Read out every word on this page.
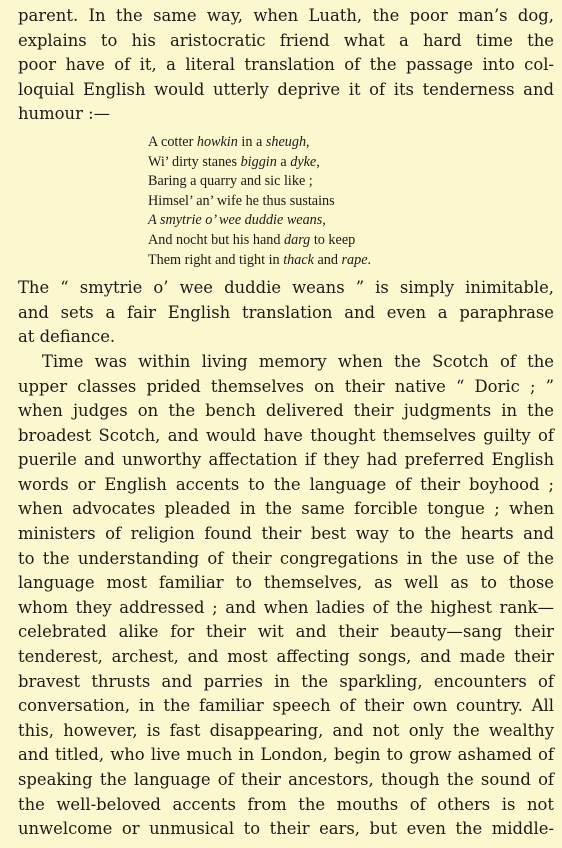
parent. In the same way, when Luath, the poor man’s dog,
explains to his aristocratic friend what a hard time the
poor have of it, a literal translation of the passage into col-
loquial English would utterly deprive it of its tenderness and
humour :—

A cotter howkin in a sheugh,
Wi’ dirty stanes biggin a dyke,
Baring a quarry and sic like ;
Himsel’ an’ wife he thus sustains
A smytrie o’ wee duddie weans,
And nocht but his hand darg to keep
Them right and tight in thack and rape.

The “ smytrie o’ wee duddie weans ” is simply inimitable,
and sets a fair English translation and even a paraphrase
at defiance.

Time was within living memory when the Scotch of the
upper classes prided themselves on their native “ Doric ; ”
when judges on the bench delivered their judgments in the
broadest Scotch, and would have thought themselves guilty of
puerile and unworthy affectation if they had preferred English
words or English accents to the language of their boyhood ;
when advocates pleaded in the same forcible tongue ; when
ministers of religion found their best way to the hearts and
to the understanding of their congregations in the use of the
language most familiar to themselves, as well as to those
whom they addressed ; and when ladies of the highest rank—
celebrated alike for their wit and their beauty—sang their
tenderest, archest, and most affecting songs, and made their
bravest thrusts and parries in the sparkling, encounters of
conversation, in the familiar speech of their own country. All
this, however, is fast disappearing, and not only the wealthy
and titled, who live much in London, begin to grow ashamed of
speaking the language of their ancestors, though the sound of
the well-beloved accents from the mouths of others is not
unwelcome or unmusical to their ears, but even the middle-
